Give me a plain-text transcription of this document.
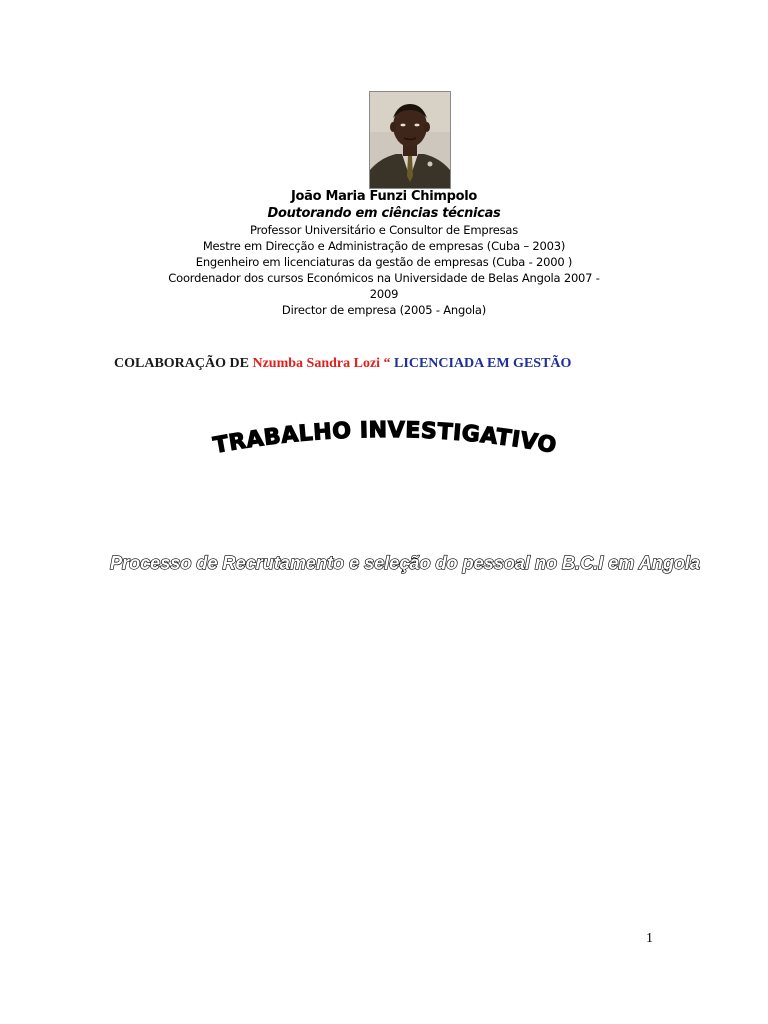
João Maria Funzi Chimpolo
Doutorando em ciências técnicas
Professor Universitário e Consultor de Empresas
Mestre em Direcção e Administração de empresas (Cuba – 2003)
Engenheiro em licenciaturas da gestão de empresas (Cuba - 2000 )
Coordenador dos cursos Económicos na Universidade de Belas Angola 2007 -
2009
Director de empresa (2005 - Angola)
COLABORAÇÃO DE Nzumba Sandra Lozi “ LICENCIADA EM GESTÃO
TRABALHO INVESTIGATIVO
Processo de Recrutamento e seleção do pessoal no B.C.I em Angola
1
